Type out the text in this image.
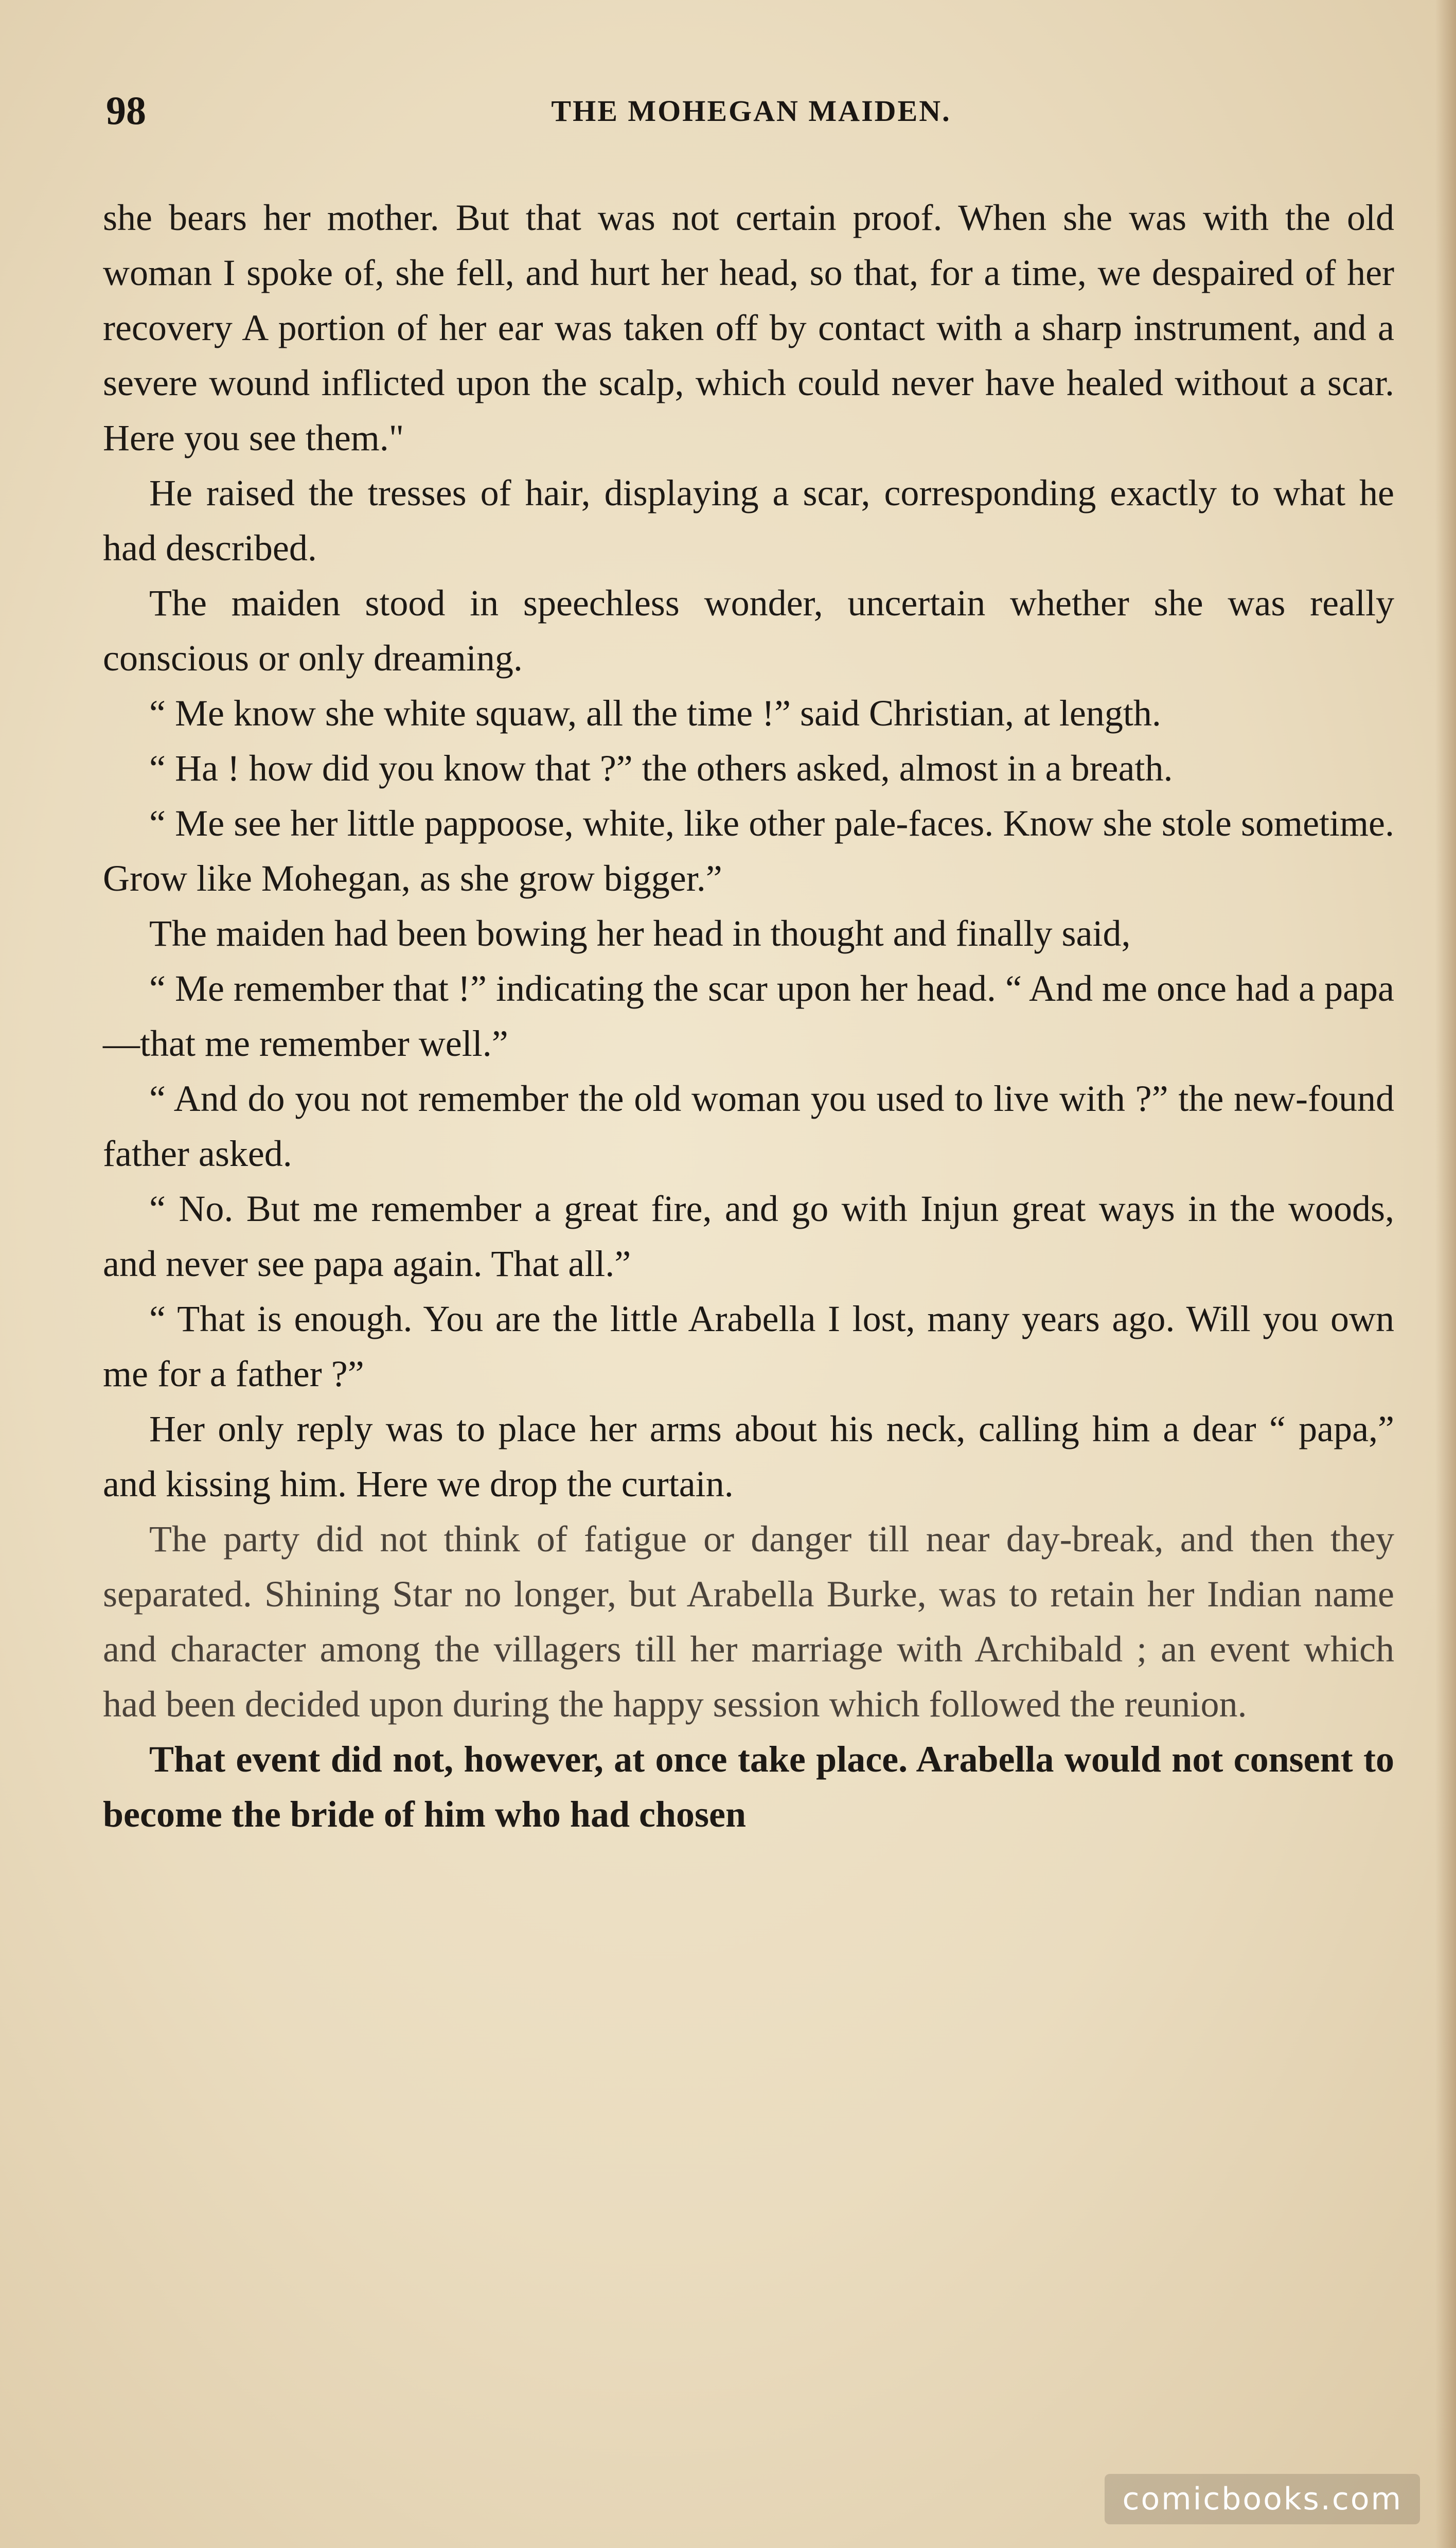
98	THE MOHEGAN MAIDEN.

she bears her mother. But that was not certain proof. When she was with the old woman I spoke of, she fell, and hurt her head, so that, for a time, we despaired of her recovery A portion of her ear was taken off by contact with a sharp instrument, and a severe wound inflicted upon the scalp, which could never have healed without a scar. Here you see them."

He raised the tresses of hair, displaying a scar, corresponding exactly to what he had described.

The maiden stood in speechless wonder, uncertain whether she was really conscious or only dreaming.

“ Me know she white squaw, all the time !” said Christian, at length.

“ Ha ! how did you know that ?” the others asked, almost in a breath.

“ Me see her little pappoose, white, like other pale-faces. Know she stole sometime. Grow like Mohegan, as she grow bigger.”

The maiden had been bowing her head in thought and finally said,

“ Me remember that !” indicating the scar upon her head. “ And me once had a papa—that me remember well.”

“ And do you not remember the old woman you used to live with ?” the new-found father asked.

“ No. But me remember a great fire, and go with Injun great ways in the woods, and never see papa again. That all.”

“ That is enough. You are the little Arabella I lost, many years ago. Will you own me for a father ?”

Her only reply was to place her arms about his neck, calling him a dear “ papa,” and kissing him. Here we drop the curtain.

The party did not think of fatigue or danger till near day-break, and then they separated. Shining Star no longer, but Arabella Burke, was to retain her Indian name and character among the villagers till her marriage with Archibald ; an event which had been decided upon during the happy session which followed the reunion.

That event did not, however, at once take place. Arabella would not consent to become the bride of him who had chosen

comicbooks.com
